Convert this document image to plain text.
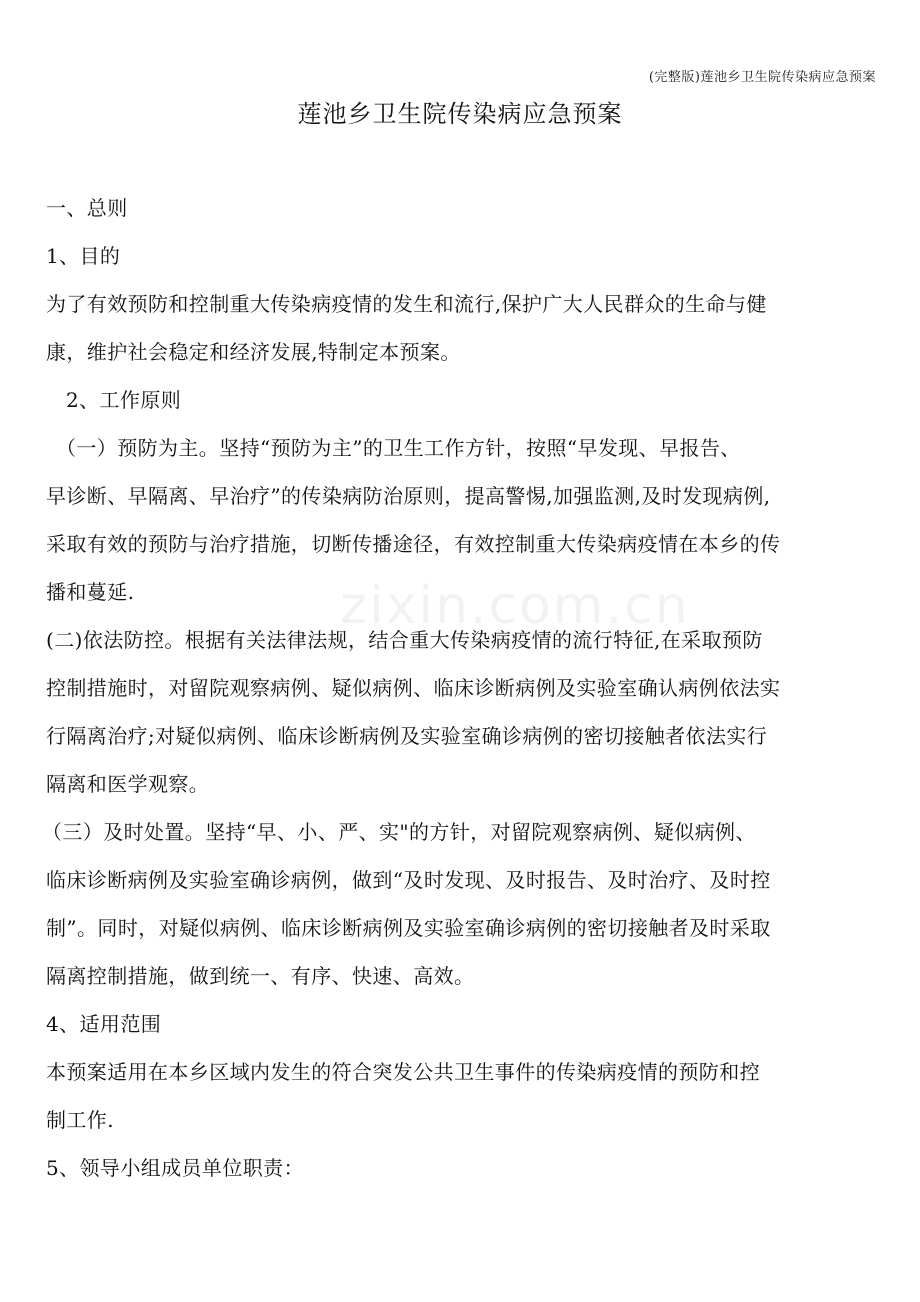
(完整版)莲池乡卫生院传染病应急预案
莲池乡卫生院传染病应急预案
zixin.com.cn
一、总则
1、目的
为了有效预防和控制重大传染病疫情的发生和流行,保护广大人民群众的生命与健
康，维护社会稳定和经济发展,特制定本预案。
2、工作原则
（一）预防为主。坚持“预防为主”的卫生工作方针，按照“早发现、早报告、
早诊断、早隔离、早治疗”的传染病防治原则，提高警惕,加强监测,及时发现病例,
采取有效的预防与治疗措施，切断传播途径，有效控制重大传染病疫情在本乡的传
播和蔓延.
(二)依法防控。根据有关法律法规，结合重大传染病疫情的流行特征,在采取预防
控制措施时，对留院观察病例、疑似病例、临床诊断病例及实验室确认病例依法实
行隔离治疗;对疑似病例、临床诊断病例及实验室确诊病例的密切接触者依法实行
隔离和医学观察。
（三）及时处置。坚持“早、小、严、实"的方针，对留院观察病例、疑似病例、
临床诊断病例及实验室确诊病例，做到“及时发现、及时报告、及时治疗、及时控
制”。同时，对疑似病例、临床诊断病例及实验室确诊病例的密切接触者及时采取
隔离控制措施，做到统一、有序、快速、高效。
4、适用范围
本预案适用在本乡区域内发生的符合突发公共卫生事件的传染病疫情的预防和控
制工作.
5、领导小组成员单位职责：
